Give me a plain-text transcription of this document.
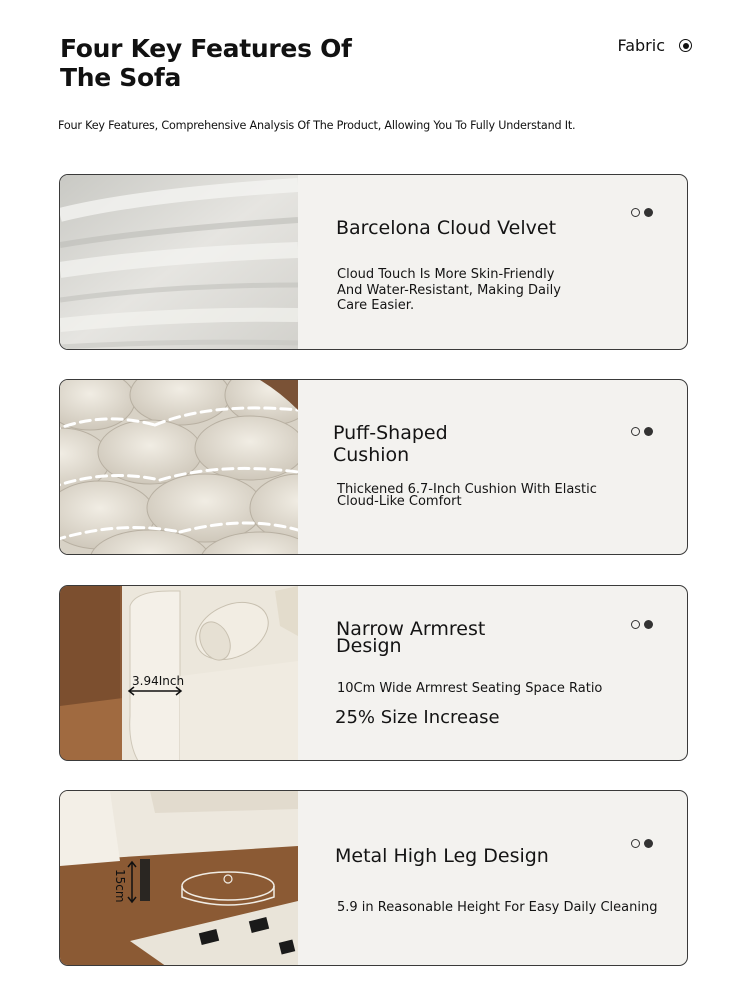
Four Key Features Of
The Sofa
Fabric
Four Key Features, Comprehensive Analysis Of The Product, Allowing You To Fully Understand It.
Barcelona Cloud Velvet

Cloud Touch Is More Skin-Friendly
And Water-Resistant, Making Daily
Care Easier.

Puff-Shaped
Cushion

Thickened 6.7-Inch Cushion With Elastic
Cloud-Like Comfort

3.94Inch
Narrow Armrest
Design
10Cm Wide Armrest Seating Space Ratio
25% Size Increase
15cm
Metal High Leg Design
5.9 in Reasonable Height For Easy Daily Cleaning
